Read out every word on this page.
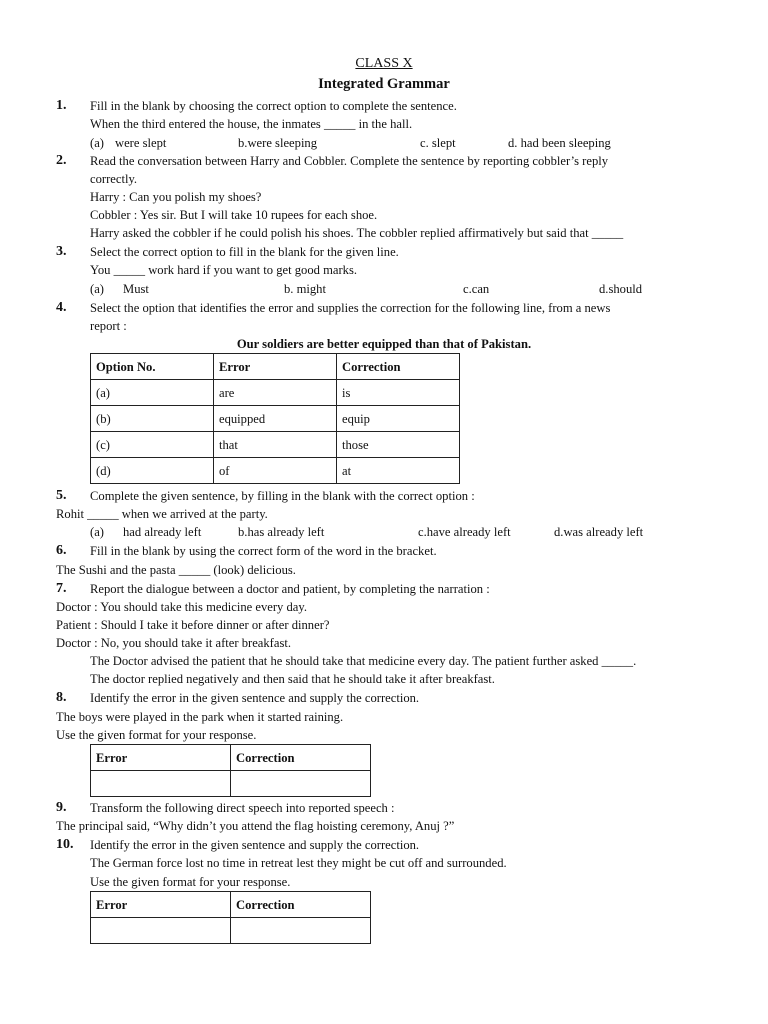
CLASS X
Integrated Grammar
1. Fill in the blank by choosing the correct option to complete the sentence.
When the third entered the house, the inmates _____ in the hall.
(a) were slept	b.were sleeping	c. slept	d. had been sleeping
2. Read the conversation between Harry and Cobbler. Complete the sentence by reporting cobbler’s reply
correctly.
Harry : Can you polish my shoes?
Cobbler : Yes sir. But I will take 10 rupees for each shoe.
Harry asked the cobbler if he could polish his shoes. The cobbler replied affirmatively but said that _____
3. Select the correct option to fill in the blank for the given line.
You _____ work hard if you want to get good marks.
(a) Must	b. might	c.can	d.should
4. Select the option that identifies the error and supplies the correction for the following line, from a news
report :
Our soldiers are better equipped than that of Pakistan.
Option No.	Error	Correction
(a)	are	is
(b)	equipped	equip
(c)	that	those
(d)	of	at
5. Complete the given sentence, by filling in the blank with the correct option :
Rohit _____ when we arrived at the party.
(a) had already left	b.has already left	c.have already left	d.was already left
6. Fill in the blank by using the correct form of the word in the bracket.
The Sushi and the pasta _____ (look) delicious.
7. Report the dialogue between a doctor and patient, by completing the narration :
Doctor : You should take this medicine every day.
Patient : Should I take it before dinner or after dinner?
Doctor : No, you should take it after breakfast.
The Doctor advised the patient that he should take that medicine every day. The patient further asked _____.
The doctor replied negatively and then said that he should take it after breakfast.
8. Identify the error in the given sentence and supply the correction.
The boys were played in the park when it started raining.
Use the given format for your response.
Error	Correction

9. Transform the following direct speech into reported speech :
The principal said, “Why didn’t you attend the flag hoisting ceremony, Anuj ?”
10. Identify the error in the given sentence and supply the correction.
The German force lost no time in retreat lest they might be cut off and surrounded.
Use the given format for your response.
Error	Correction
